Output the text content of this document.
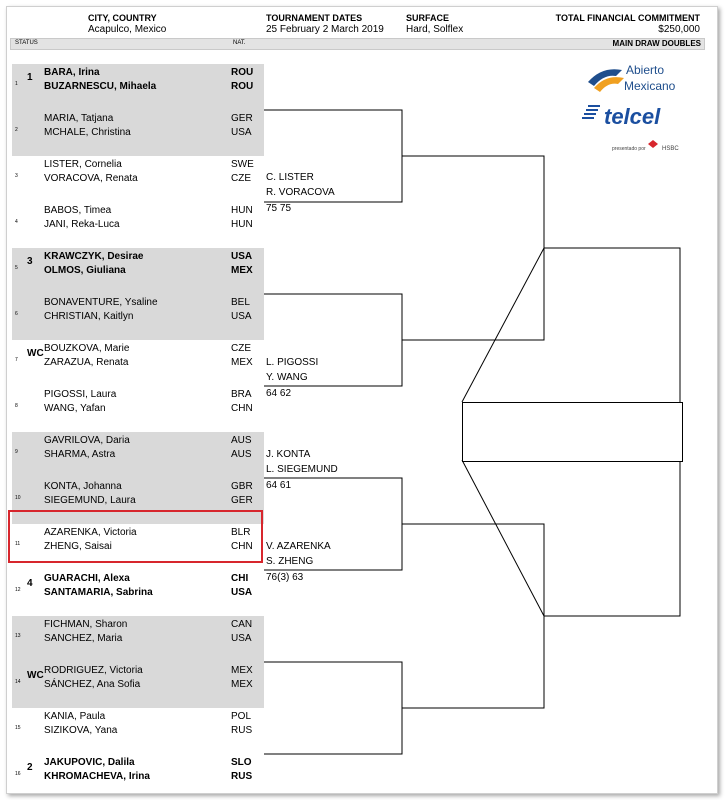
CITY, COUNTRY
Acapulco, Mexico
TOURNAMENT DATES
25 February 2 March 2019
SURFACE
Hard, Solflex
TOTAL FINANCIAL COMMITMENT
$250,000
STATUS	NAT.	MAIN DRAW DOUBLES
Abierto
Mexicano
telcel
presentado por	HSBC
1
1 BARA, Irina	ROU
BUZARNESCU, Mihaela	ROU
2
MARIA, Tatjana	GER
MCHALE, Christina	USA
3
LISTER, Cornelia	SWE
VORACOVA, Renata	CZE
4
BABOS, Timea	HUN
JANI, Reka-Luca	HUN
5
3 KRAWCZYK, Desirae	USA
OLMOS, Giuliana	MEX
6
BONAVENTURE, Ysaline	BEL
CHRISTIAN, Kaitlyn	USA
7
WC BOUZKOVA, Marie	CZE
ZARAZUA, Renata	MEX
8
PIGOSSI, Laura	BRA
WANG, Yafan	CHN
9
GAVRILOVA, Daria	AUS
SHARMA, Astra	AUS
10
KONTA, Johanna	GBR
SIEGEMUND, Laura	GER
11
AZARENKA, Victoria	BLR
ZHENG, Saisai	CHN
12
4 GUARACHI, Alexa	CHI
SANTAMARIA, Sabrina	USA
13
FICHMAN, Sharon	CAN
SANCHEZ, Maria	USA
14
WC RODRIGUEZ, Victoria	MEX
SÁNCHEZ, Ana Sofia	MEX
15
KANIA, Paula	POL
SIZIKOVA, Yana	RUS
16
2 JAKUPOVIC, Dalila	SLO
KHROMACHEVA, Irina	RUS
C. LISTER
R. VORACOVA
75 75
L. PIGOSSI
Y. WANG
64 62
J. KONTA
L. SIEGEMUND
64 61
V. AZARENKA
S. ZHENG
76(3) 63
